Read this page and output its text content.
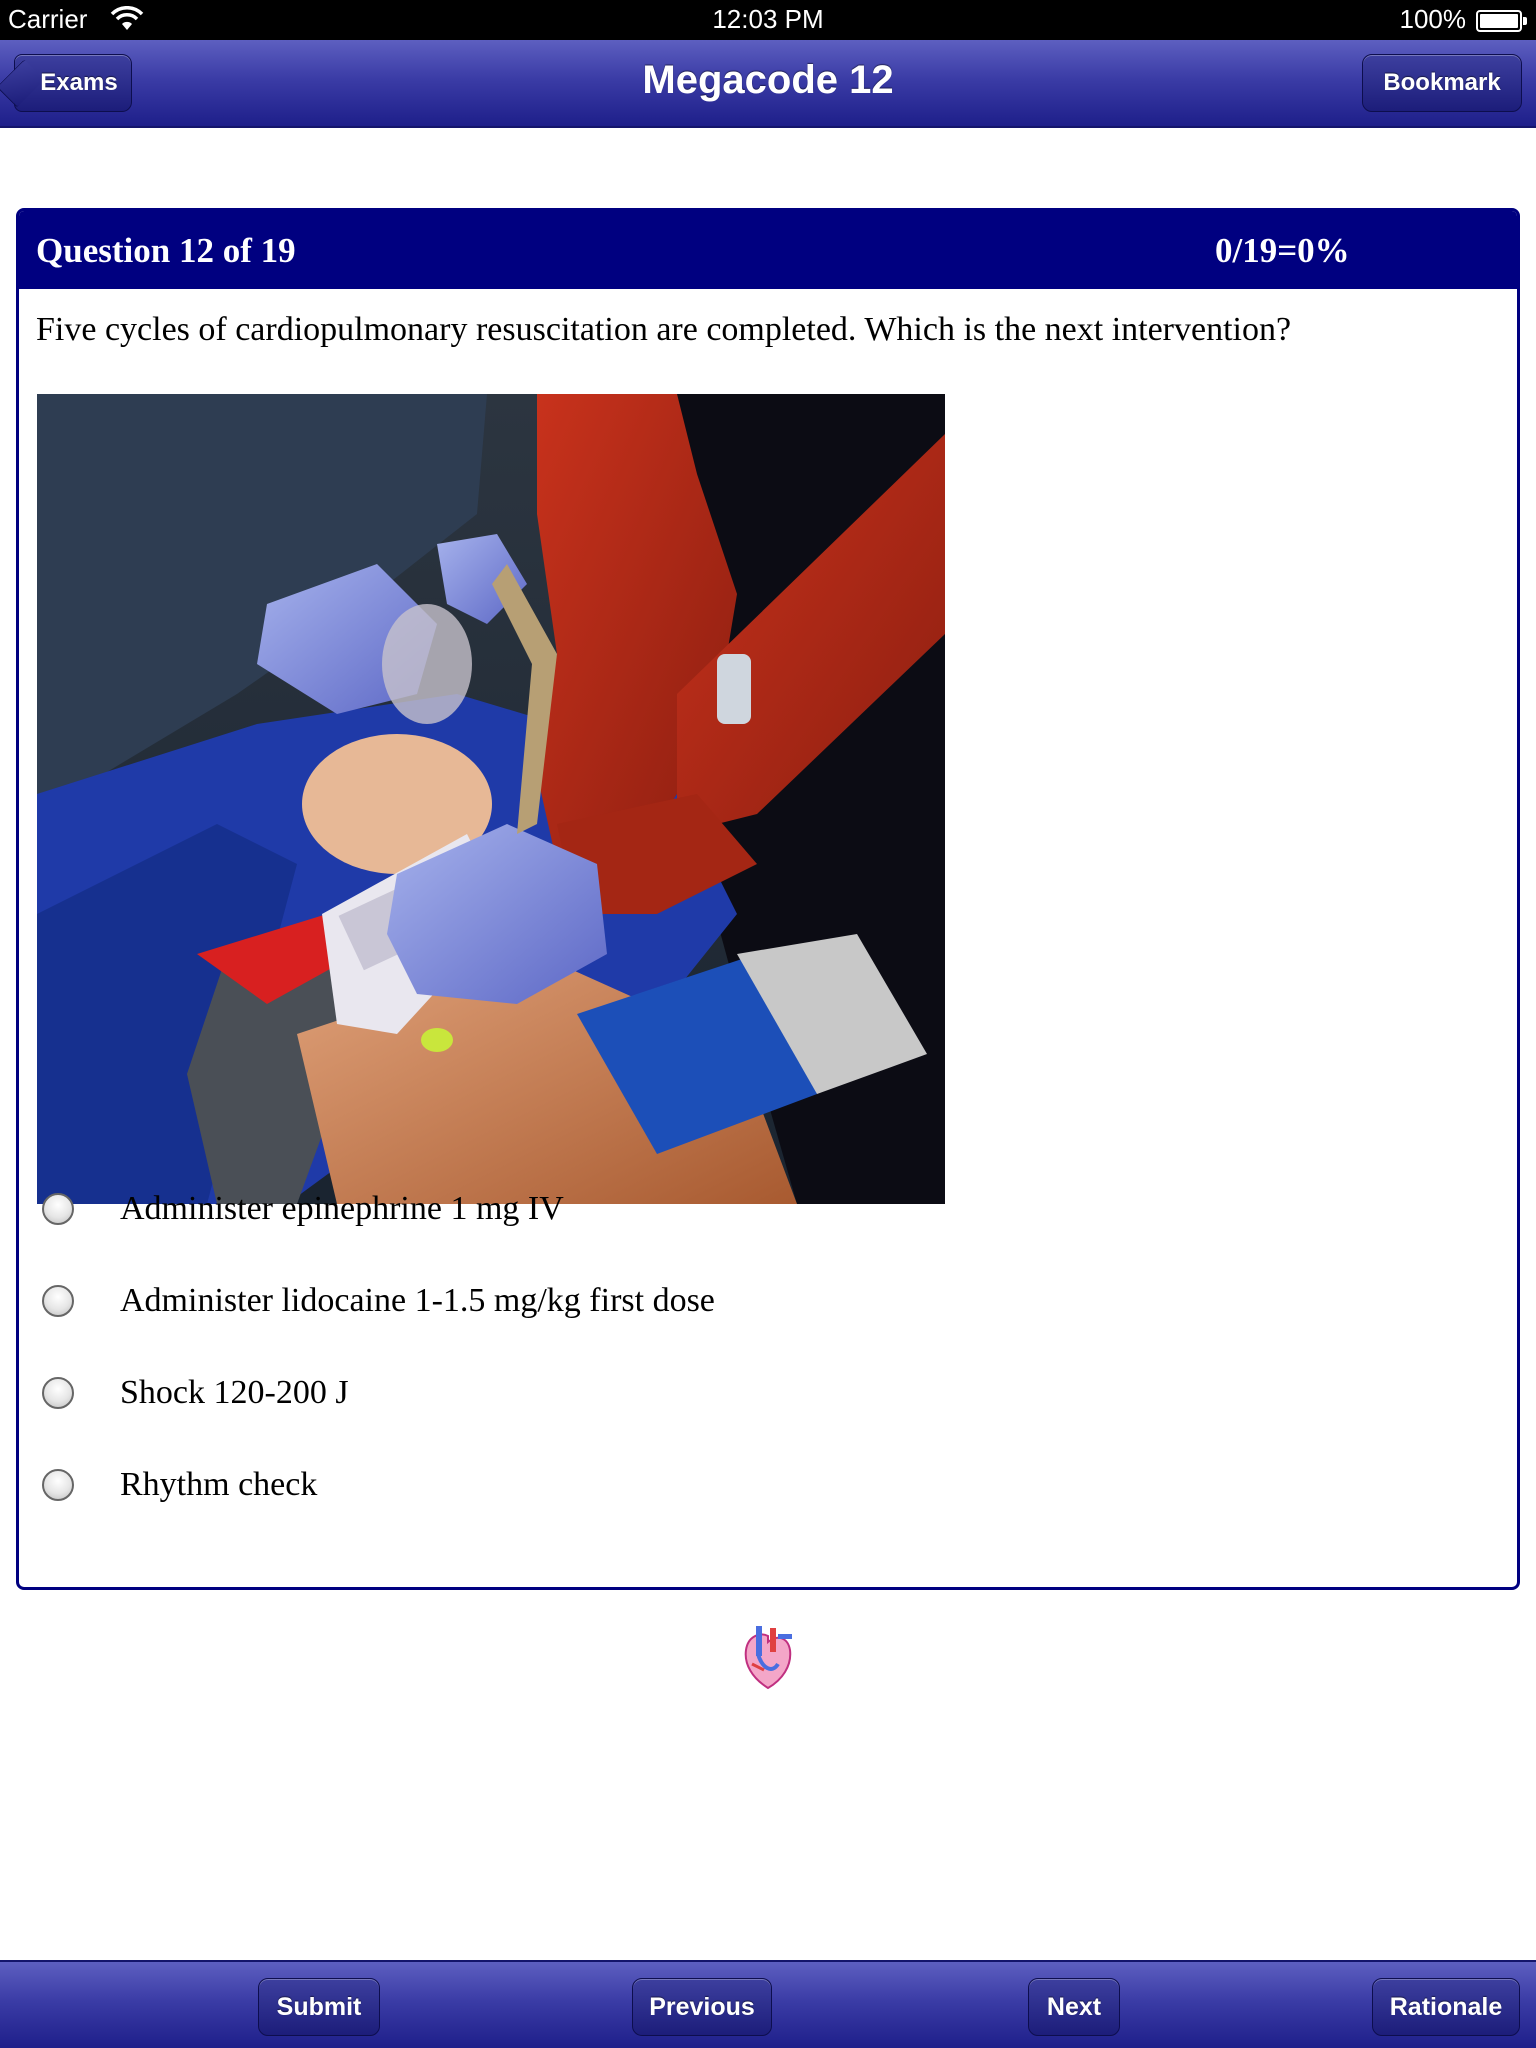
Carrier	12:03 PM	100%
Exams	Megacode 12	Bookmark
Question 12 of 19	0/19=0%
Five cycles of cardiopulmonary resuscitation are completed. Which is the next intervention?
Administer epinephrine 1 mg IV
Administer lidocaine 1-1.5 mg/kg first dose
Shock 120-200 J
Rhythm check
Submit	Previous	Next	Rationale
